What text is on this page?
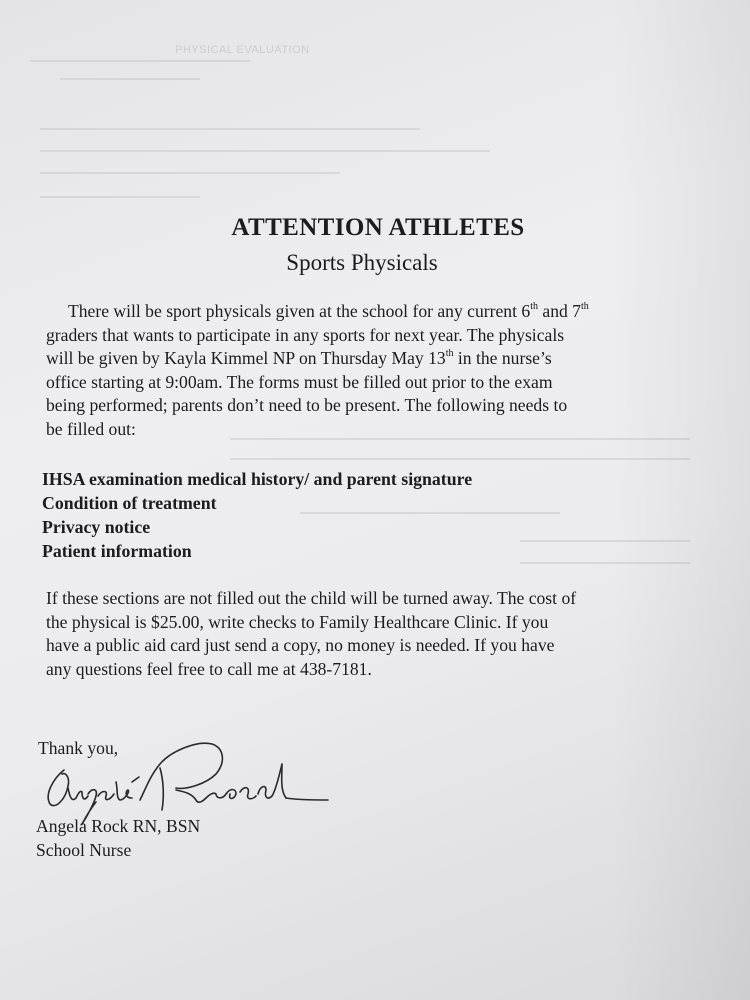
PHYSICAL EVALUATION
ATTENTION ATHLETES
Sports Physicals
There will be sport physicals given at the school for any current 6th and 7th
graders that wants to participate in any sports for next year. The physicals
will be given by Kayla Kimmel NP on Thursday May 13th in the nurse’s
office starting at 9:00am. The forms must be filled out prior to the exam
being performed; parents don’t need to be present. The following needs to
be filled out:
IHSA examination medical history/ and parent signature
Condition of treatment
Privacy notice
Patient information
If these sections are not filled out the child will be turned away. The cost of
the physical is $25.00, write checks to Family Healthcare Clinic. If you
have a public aid card just send a copy, no money is needed. If you have
any questions feel free to call me at 438-7181.
Thank you,
Angela Rock RN, BSN
School Nurse
